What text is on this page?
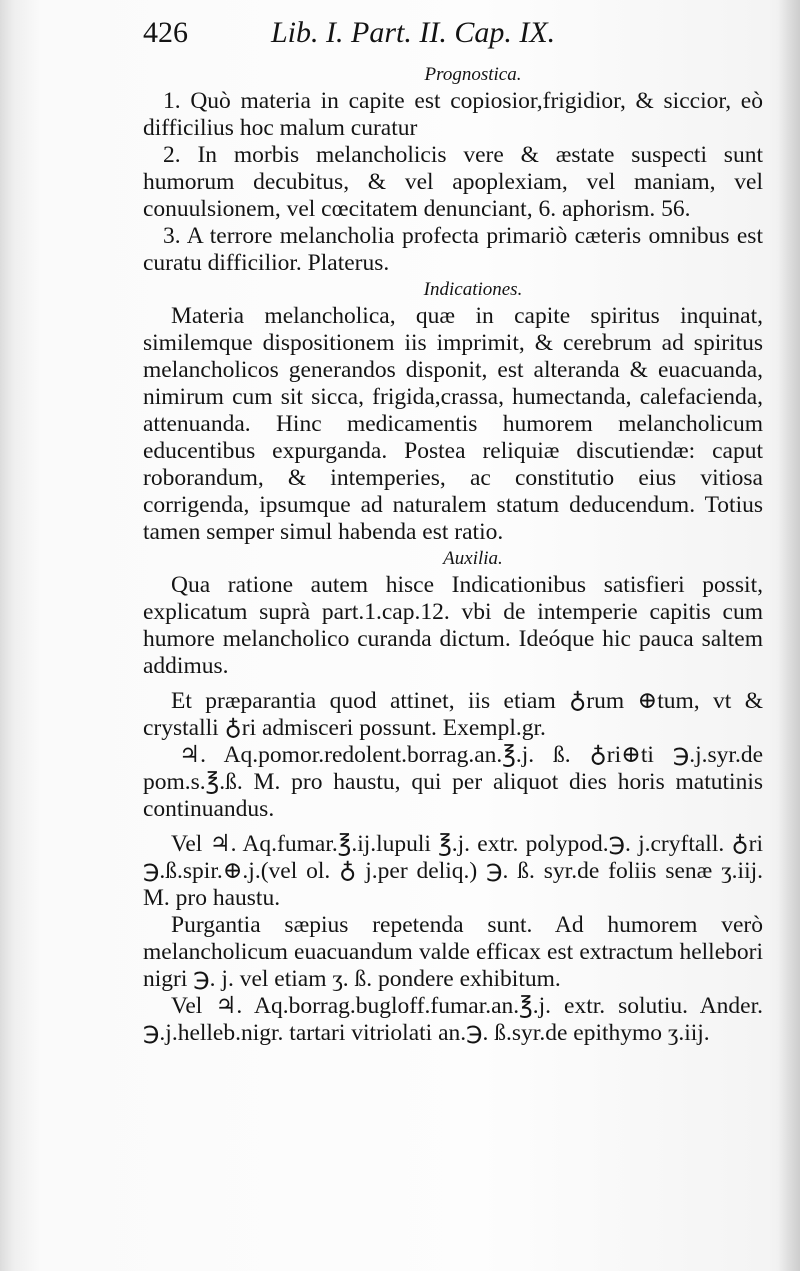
426	Lib. I. Part. II. Cap. IX.
Prognostica.

1. Quò materia in capite est copiosior,frigidior, & siccior, eò difficilius hoc malum curatur

2. In morbis melancholicis vere & æstate suspecti sunt humorum decubitus, & vel apoplexiam, vel maniam, vel conuulsionem, vel cœcitatem denunciant, 6. aphorism. 56.

3. A terrore melancholia profecta primariò cæteris omnibus est curatu difficilior. Platerus.

Indicationes.

Materia melancholica, quæ in capite spiritus inquinat, similemque dispositionem iis imprimit, & cerebrum ad spiritus melancholicos generandos disponit, est alteranda & euacuanda, nimirum cum sit sicca, frigida,crassa, humectanda, calefacienda, attenuanda. Hinc medicamentis humorem melancholicum educentibus expurganda. Postea reliquiæ discutiendæ: caput roborandum, & intemperies, ac constitutio eius vitiosa corrigenda, ipsumque ad naturalem statum deducendum. Totius tamen semper simul habenda est ratio.

Auxilia.

Qua ratione autem hisce Indicationibus satisfieri possit, explicatum suprà part.1.cap.12. vbi de intemperie capitis cum humore melancholico curanda dictum. Ideóque hic pauca saltem addimus.

Et præparantia quod attinet, iis etiam ♁rum ⊕tum, vt & crystalli ♁ri admisceri possunt. Exempl.gr.

♃. Aq.pomor.redolent.borrag.an.℥.j. ß. ♁ri⊕ti ℈.j.syr.de pom.s.℥.ß. M. pro haustu, qui per aliquot dies horis matutinis continuandus.

Vel ♃. Aq.fumar.℥.ij.lupuli ℥.j. extr. polypod.℈. j.cryftall. ♁ri ℈.ß.spir.⊕.j.(vel ol. ♁ j.per deliq.) ℈. ß. syr.de foliis senæ ʒ.iij. M. pro haustu.

Purgantia sæpius repetenda sunt. Ad humorem verò melancholicum euacuandum valde efficax est extractum hellebori nigri ℈. j. vel etiam ʒ. ß. pondere exhibitum.

Vel ♃. Aq.borrag.bugloff.fumar.an.℥.j. extr. solutiu. Ander. ℈.j.helleb.nigr. tartari vitriolati an.℈. ß.syr.de epithymo ʒ.iij.
